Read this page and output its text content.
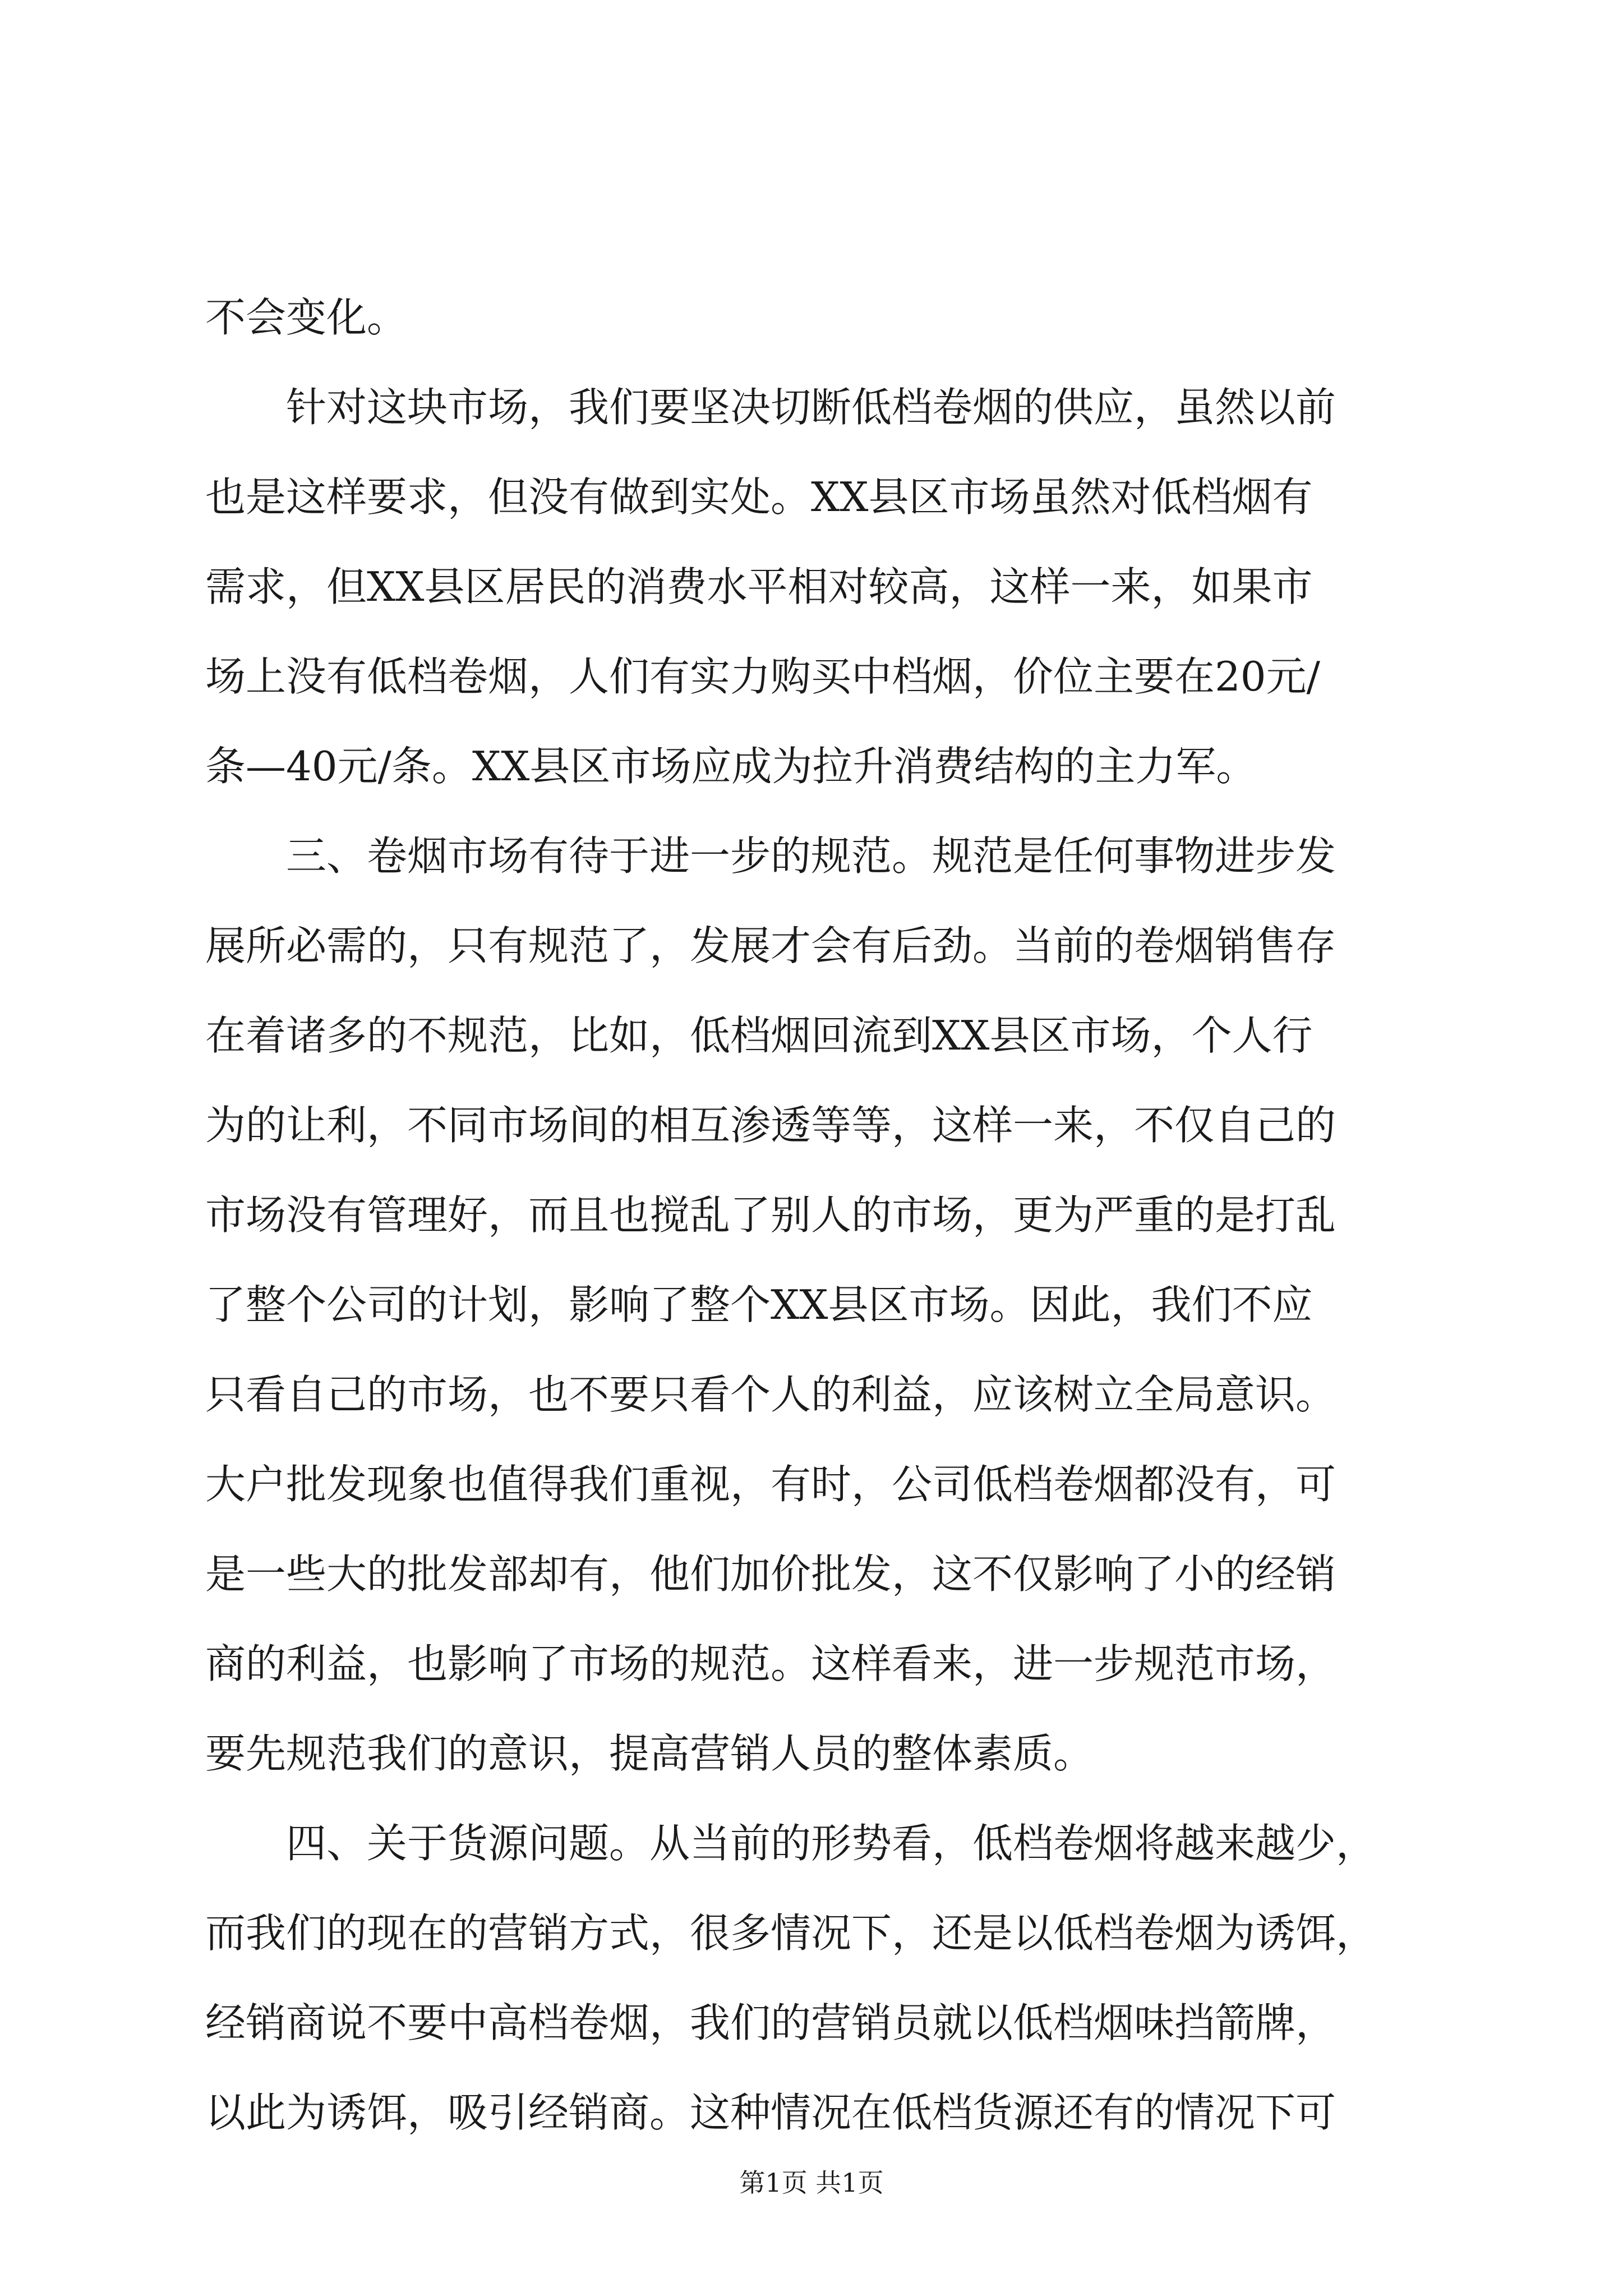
不会变化。
　　针对这块市场，我们要坚决切断低档卷烟的供应，虽然以前
也是这样要求，但没有做到实处。XX县区市场虽然对低档烟有
需求，但XX县区居民的消费水平相对较高，这样一来，如果市
场上没有低档卷烟，人们有实力购买中档烟，价位主要在20元/
条—40元/条。XX县区市场应成为拉升消费结构的主力军。
　　三、卷烟市场有待于进一步的规范。规范是任何事物进步发
展所必需的，只有规范了，发展才会有后劲。当前的卷烟销售存
在着诸多的不规范，比如，低档烟回流到XX县区市场，个人行
为的让利，不同市场间的相互渗透等等，这样一来，不仅自己的
市场没有管理好，而且也搅乱了别人的市场，更为严重的是打乱
了整个公司的计划，影响了整个XX县区市场。因此，我们不应
只看自己的市场，也不要只看个人的利益，应该树立全局意识。
大户批发现象也值得我们重视，有时，公司低档卷烟都没有，可
是一些大的批发部却有，他们加价批发，这不仅影响了小的经销
商的利益，也影响了市场的规范。这样看来，进一步规范市场，
要先规范我们的意识，提高营销人员的整体素质。
　　四、关于货源问题。从当前的形势看，低档卷烟将越来越少，
而我们的现在的营销方式，很多情况下，还是以低档卷烟为诱饵，
经销商说不要中高档卷烟，我们的营销员就以低档烟味挡箭牌，
以此为诱饵，吸引经销商。这种情况在低档货源还有的情况下可
第1页 共1页
